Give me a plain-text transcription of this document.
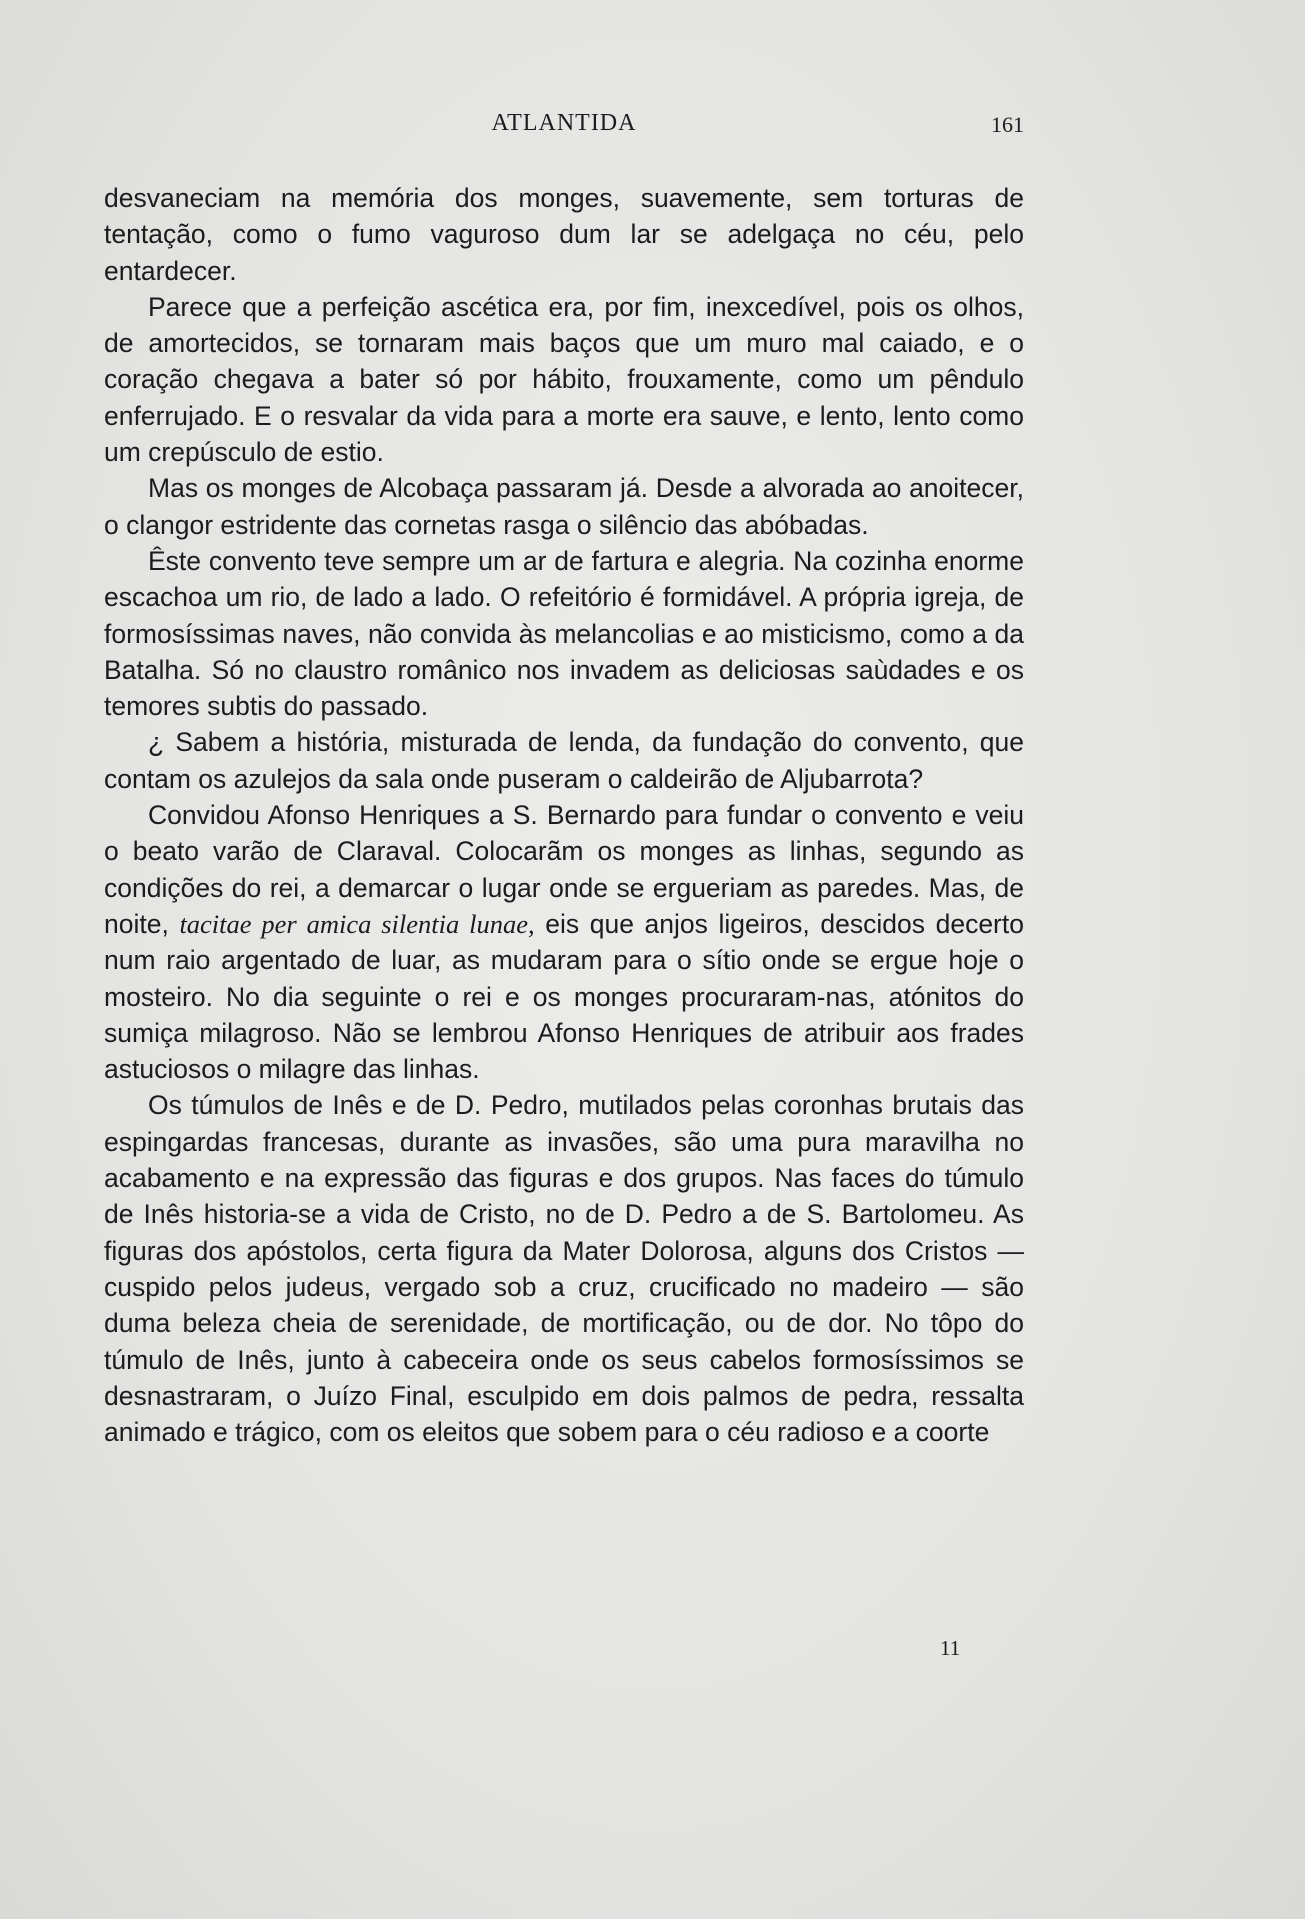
ATLANTIDA	161

desvaneciam na memória dos monges, suavemente, sem torturas de tentação, como o fumo vaguroso dum lar se adelgaça no céu, pelo entardecer.

Parece que a perfeição ascética era, por fim, inexcedível, pois os olhos, de amortecidos, se tornaram mais baços que um muro mal caiado, e o coração chegava a bater só por hábito, frouxamente, como um pêndulo enferrujado. E o resvalar da vida para a morte era sauve, e lento, lento como um crepúsculo de estio.

Mas os monges de Alcobaça passaram já. Desde a alvorada ao anoitecer, o clangor estridente das cornetas rasga o silêncio das abóbadas.

Êste convento teve sempre um ar de fartura e alegria. Na cozinha enorme escachoa um rio, de lado a lado. O refeitório é formidável. A própria igreja, de formosíssimas naves, não convida às melancolias e ao misticismo, como a da Batalha. Só no claustro românico nos invadem as deliciosas saùdades e os temores subtis do passado.

¿ Sabem a história, misturada de lenda, da fundação do convento, que contam os azulejos da sala onde puseram o caldeirão de Aljubarrota?

Convidou Afonso Henriques a S. Bernardo para fundar o convento e veiu o beato varão de Claraval. Colocarãm os monges as linhas, segundo as condições do rei, a demarcar o lugar onde se ergueriam as paredes. Mas, de noite, tacitae per amica silentia lunae, eis que anjos ligeiros, descidos decerto num raio argentado de luar, as mudaram para o sítio onde se ergue hoje o mosteiro. No dia seguinte o rei e os monges procuraram-nas, atónitos do sumiça milagroso. Não se lembrou Afonso Henriques de atribuir aos frades astuciosos o milagre das linhas.

Os túmulos de Inês e de D. Pedro, mutilados pelas coronhas brutais das espingardas francesas, durante as invasões, são uma pura maravilha no acabamento e na expressão das figuras e dos grupos. Nas faces do túmulo de Inês historia-se a vida de Cristo, no de D. Pedro a de S. Bartolomeu. As figuras dos apóstolos, certa figura da Mater Dolorosa, alguns dos Cristos — cuspido pelos judeus, vergado sob a cruz, crucificado no madeiro — são duma beleza cheia de serenidade, de mortificação, ou de dor. No tôpo do túmulo de Inês, junto à cabeceira onde os seus cabelos formosíssimos se desnastraram, o Juízo Final, esculpido em dois palmos de pedra, ressalta animado e trágico, com os eleitos que sobem para o céu radioso e a coorte

11
